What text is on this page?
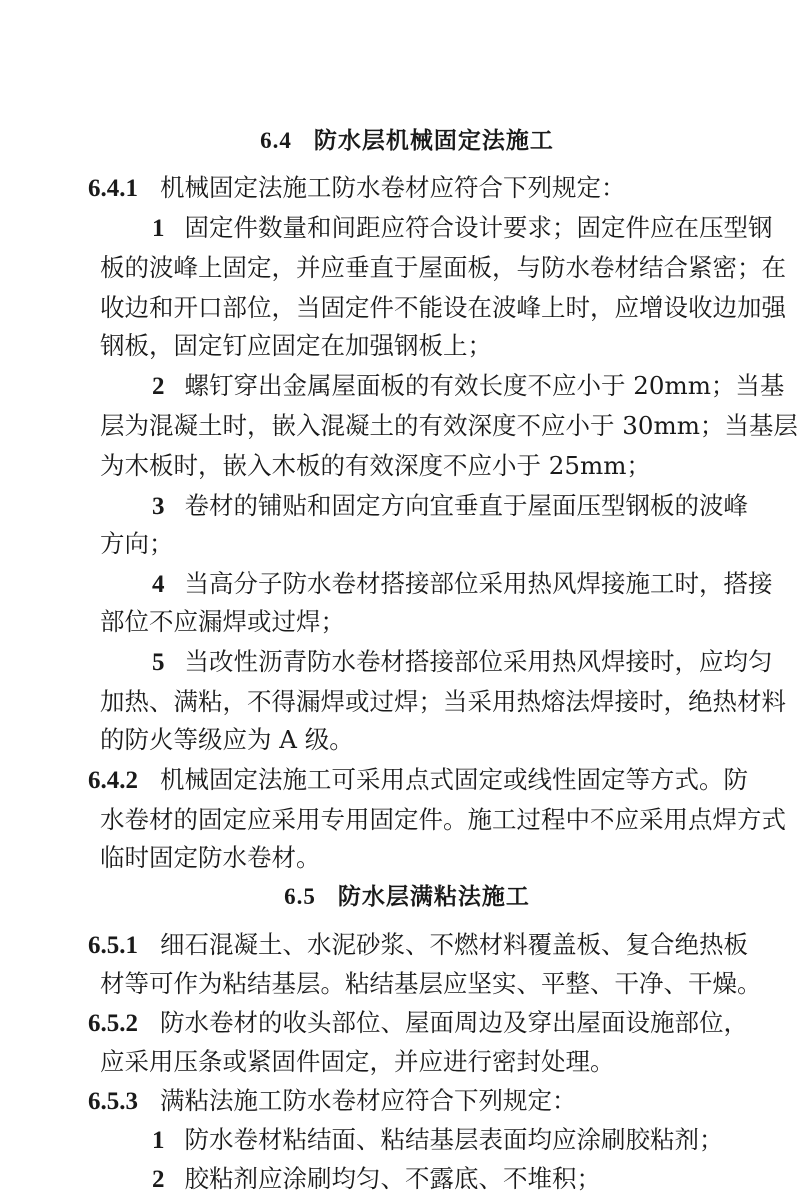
6.4 防水层机械固定法施工
6.4.1 机械固定法施工防水卷材应符合下列规定：
1 固定件数量和间距应符合设计要求；固定件应在压型钢
板的波峰上固定，并应垂直于屋面板，与防水卷材结合紧密；在
收边和开口部位，当固定件不能设在波峰上时，应增设收边加强
钢板，固定钉应固定在加强钢板上；
2 螺钉穿出金属屋面板的有效长度不应小于 20mm；当基
层为混凝土时，嵌入混凝土的有效深度不应小于 30mm；当基层
为木板时，嵌入木板的有效深度不应小于 25mm；
3 卷材的铺贴和固定方向宜垂直于屋面压型钢板的波峰
方向；
4 当高分子防水卷材搭接部位采用热风焊接施工时，搭接
部位不应漏焊或过焊；
5 当改性沥青防水卷材搭接部位采用热风焊接时，应均匀
加热、满粘，不得漏焊或过焊；当采用热熔法焊接时，绝热材料
的防火等级应为 A 级。
6.4.2 机械固定法施工可采用点式固定或线性固定等方式。防
水卷材的固定应采用专用固定件。施工过程中不应采用点焊方式
临时固定防水卷材。
6.5 防水层满粘法施工
6.5.1 细石混凝土、水泥砂浆、不燃材料覆盖板、复合绝热板
材等可作为粘结基层。粘结基层应坚实、平整、干净、干燥。
6.5.2 防水卷材的收头部位、屋面周边及穿出屋面设施部位，
应采用压条或紧固件固定，并应进行密封处理。
6.5.3 满粘法施工防水卷材应符合下列规定：
1 防水卷材粘结面、粘结基层表面均应涂刷胶粘剂；
2 胶粘剂应涂刷均匀、不露底、不堆积；
